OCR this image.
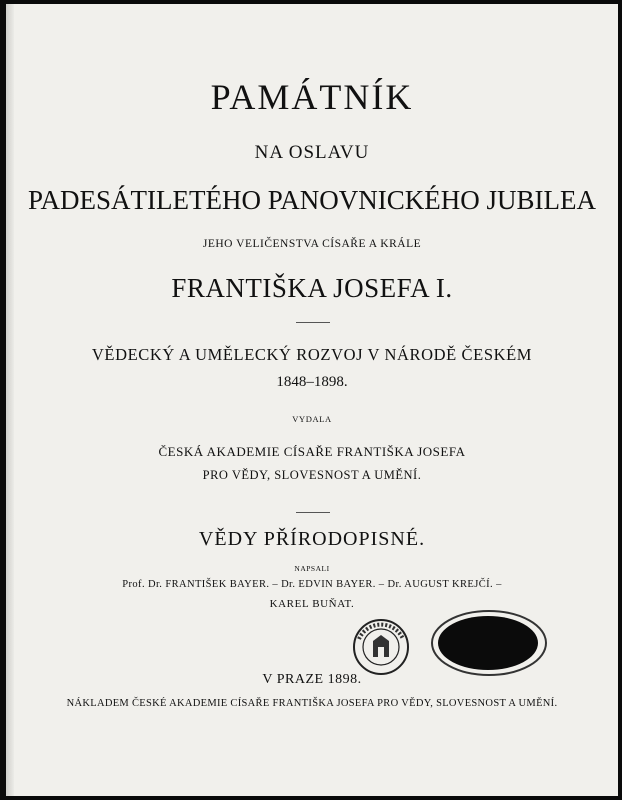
PAMÁTNÍK

NA OSLAVU

PADESÁTILETÉHO PANOVNICKÉHO JUBILEA

JEHO VELIČENSTVA CÍSAŘE A KRÁLE

FRANTIŠKA JOSEFA I.

VĚDECKÝ A UMĚLECKÝ ROZVOJ V NÁRODĚ ČESKÉM

1848–1898.

VYDALA

ČESKÁ AKADEMIE CÍSAŘE FRANTIŠKA JOSEFA

PRO VĚDY, SLOVESNOST A UMĚNÍ.

VĚDY PŘÍRODOPISNÉ.

NAPSALI

Prof. Dr. FRANTIŠEK BAYER. – Dr. EDVIN BAYER. – Dr. AUGUST KREJČÍ. –

KAREL BUŇAT.

V PRAZE 1898.

NÁKLADEM ČESKÉ AKADEMIE CÍSAŘE FRANTIŠKA JOSEFA PRO VĚDY, SLOVESNOST A UMĚNÍ.
